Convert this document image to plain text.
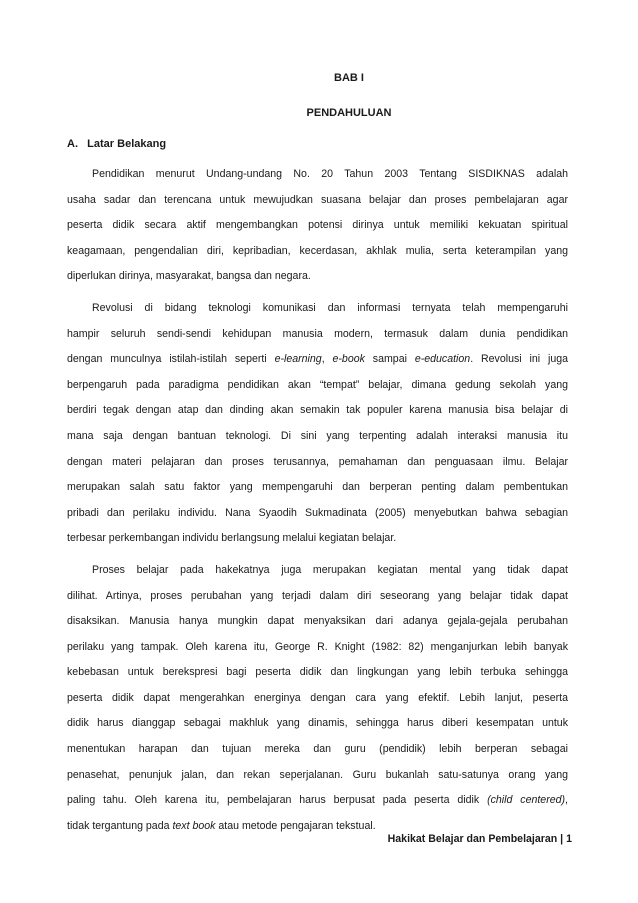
BAB I
PENDAHULUAN
A. Latar Belakang
Pendidikan menurut Undang-undang No. 20 Tahun 2003 Tentang SISDIKNAS adalah
usaha sadar dan terencana untuk mewujudkan suasana belajar dan proses pembelajaran agar
peserta didik secara aktif mengembangkan potensi dirinya untuk memiliki kekuatan spiritual
keagamaan, pengendalian diri, kepribadian, kecerdasan, akhlak mulia, serta keterampilan yang
diperlukan dirinya, masyarakat, bangsa dan negara.
Revolusi di bidang teknologi komunikasi dan informasi ternyata telah mempengaruhi
hampir seluruh sendi-sendi kehidupan manusia modern, termasuk dalam dunia pendidikan
dengan munculnya istilah-istilah seperti e-learning, e-book sampai e-education. Revolusi ini juga
berpengaruh pada paradigma pendidikan akan “tempat” belajar, dimana gedung sekolah yang
berdiri tegak dengan atap dan dinding akan semakin tak populer karena manusia bisa belajar di
mana saja dengan bantuan teknologi. Di sini yang terpenting adalah interaksi manusia itu
dengan materi pelajaran dan proses terusannya, pemahaman dan penguasaan ilmu. Belajar
merupakan salah satu faktor yang mempengaruhi dan berperan penting dalam pembentukan
pribadi dan perilaku individu. Nana Syaodih Sukmadinata (2005) menyebutkan bahwa sebagian
terbesar perkembangan individu berlangsung melalui kegiatan belajar.
Proses belajar pada hakekatnya juga merupakan kegiatan mental yang tidak dapat
dilihat. Artinya, proses perubahan yang terjadi dalam diri seseorang yang belajar tidak dapat
disaksikan. Manusia hanya mungkin dapat menyaksikan dari adanya gejala-gejala perubahan
perilaku yang tampak. Oleh karena itu, George R. Knight (1982: 82) menganjurkan lebih banyak
kebebasan untuk berekspresi bagi peserta didik dan lingkungan yang lebih terbuka sehingga
peserta didik dapat mengerahkan energinya dengan cara yang efektif. Lebih lanjut, peserta
didik harus dianggap sebagai makhluk yang dinamis, sehingga harus diberi kesempatan untuk
menentukan harapan dan tujuan mereka dan guru (pendidik) lebih berperan sebagai
penasehat, penunjuk jalan, dan rekan seperjalanan. Guru bukanlah satu-satunya orang yang
paling tahu. Oleh karena itu, pembelajaran harus berpusat pada peserta didik (child centered),
tidak tergantung pada text book atau metode pengajaran tekstual.
Hakikat Belajar dan Pembelajaran | 1
